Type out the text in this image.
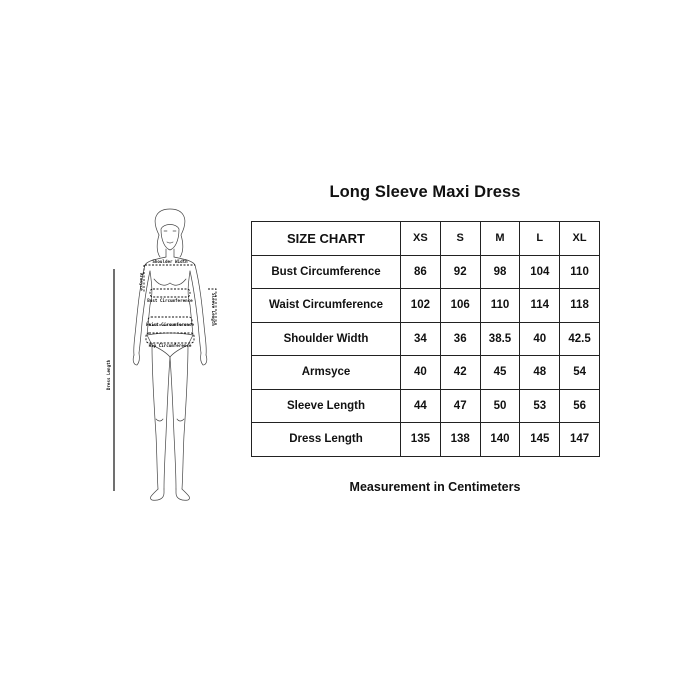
Shoulder Width
Bust Circumference
Waist Circumference
Hip Circumference
Armsyce
Sleeve Length
Dress Length
Long Sleeve Maxi Dress
SIZE CHART	XS	S	M	L	XL
Bust Circumference	86	92	98	104	110
Waist Circumference	102	106	110	114	118
Shoulder Width	34	36	38.5	40	42.5
Armsyce	40	42	45	48	54
Sleeve Length	44	47	50	53	56
Dress Length	135	138	140	145	147
Measurement in Centimeters
